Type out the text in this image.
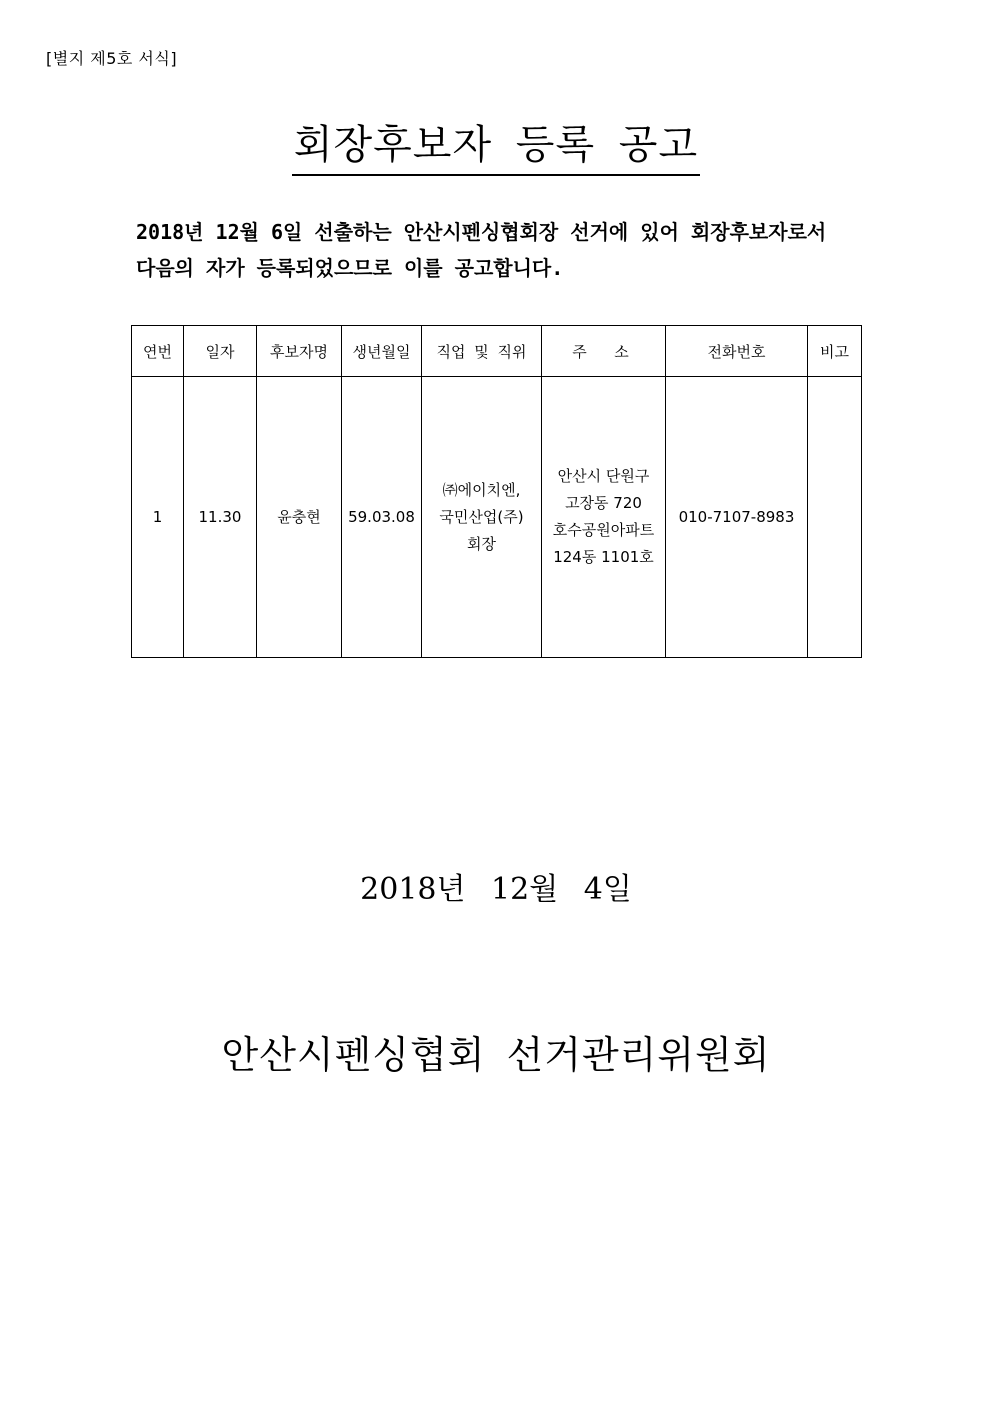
[별지 제5호 서식]
회장후보자 등록 공고
2018년 12월 6일 선출하는 안산시펜싱협회장 선거에 있어 회장후보자로서
다음의 자가 등록되었으므로 이를 공고합니다.
연번	일자	후보자명	생년월일	직업 및 직위	주  소	전화번호	비고
1	11.30	윤충현	59.03.08	㈜에이치엔,
국민산업(주)
회장	안산시 단원구
고장동 720
호수공원아파트
124동 1101호	010-7107-8983	
2018년 12월 4일
안산시펜싱협회 선거관리위원회
